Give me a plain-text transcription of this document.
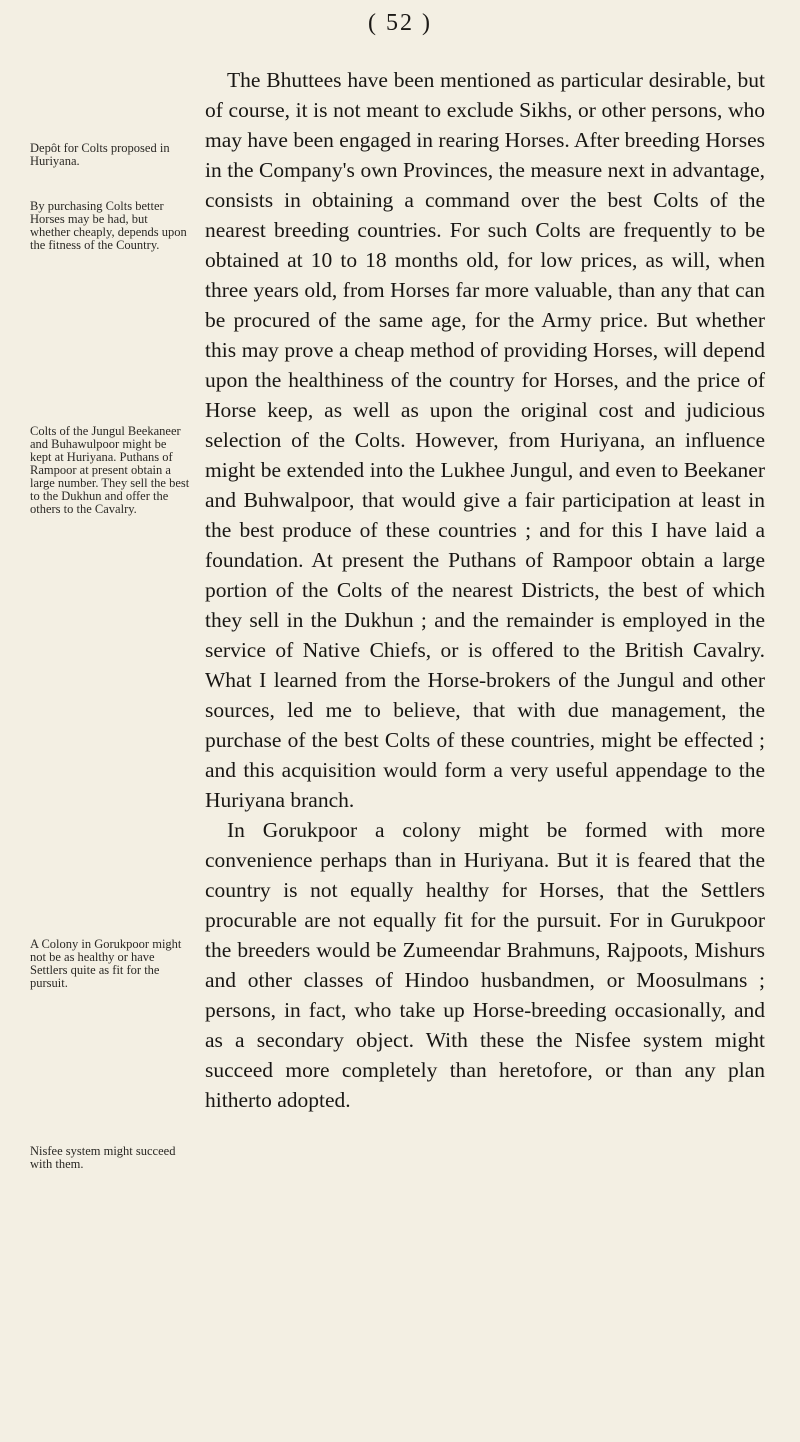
( 52 )
Depôt for Colts proposed in Huriyana.
By purchasing Colts better Horses may be had, but whether cheaply, depends upon the fitness of the Country.
Colts of the Jungul Beekaneer and Buhawulpoor might be kept at Huriyana. Puthans of Rampoor at present obtain a large number. They sell the best to the Dukhun and offer the others to the Cavalry.
A Colony in Gorukpoor might not be as healthy or have Settlers quite as fit for the pursuit.
Nisfee system might succeed with them.

The Bhuttees have been mentioned as particular desirable, but of course, it is not meant to exclude Sikhs, or other persons, who may have been engaged in rearing Horses. After breeding Horses in the Company's own Provinces, the measure next in advantage, consists in obtaining a command over the best Colts of the nearest breeding countries. For such Colts are frequently to be obtained at 10 to 18 months old, for low prices, as will, when three years old, from Horses far more valuable, than any that can be procured of the same age, for the Army price. But whether this may prove a cheap method of providing Horses, will depend upon the healthiness of the country for Horses, and the price of Horse keep, as well as upon the original cost and judicious selection of the Colts. However, from Huriyana, an influence might be extended into the Lukhee Jungul, and even to Beekaner and Buhwalpoor, that would give a fair participation at least in the best produce of these countries ; and for this I have laid a foundation. At present the Puthans of Rampoor obtain a large portion of the Colts of the nearest Districts, the best of which they sell in the Dukhun ; and the remainder is employed in the service of Native Chiefs, or is offered to the British Cavalry. What I learned from the Horse-brokers of the Jungul and other sources, led me to believe, that with due management, the purchase of the best Colts of these countries, might be effected ; and this acquisition would form a very useful appendage to the Huriyana branch.

In Gorukpoor a colony might be formed with more convenience perhaps than in Huriyana. But it is feared that the country is not equally healthy for Horses, that the Settlers procurable are not equally fit for the pursuit. For in Gurukpoor the breeders would be Zumeendar Brahmuns, Rajpoots, Mishurs and other classes of Hindoo husbandmen, or Moosulmans ; persons, in fact, who take up Horse-breeding occasionally, and as a secondary object. With these the Nisfee system might succeed more completely than heretofore, or than any plan hitherto adopted.
